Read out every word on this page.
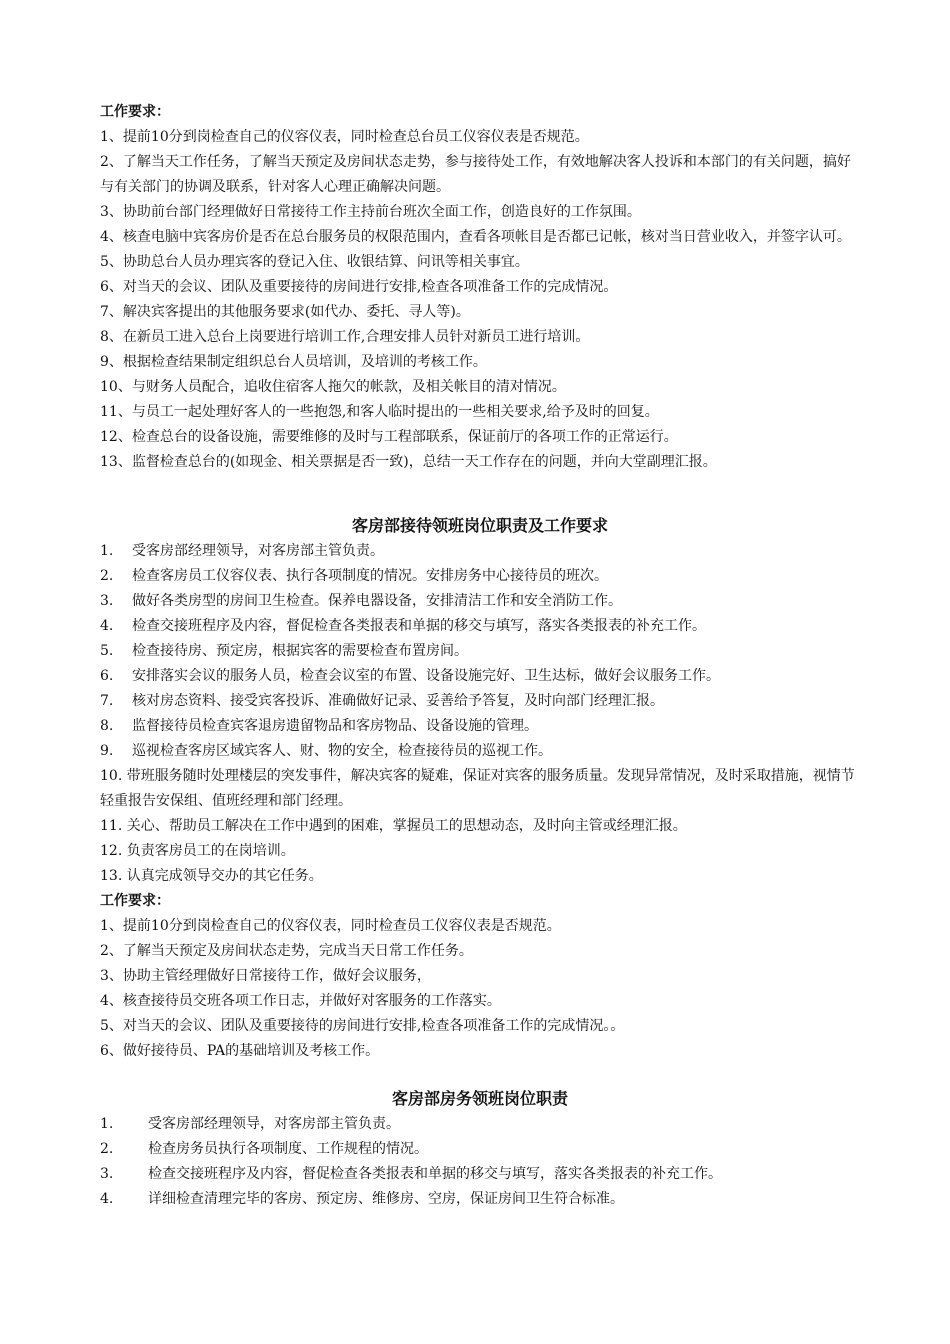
工作要求：
1、提前10分到岗检查自己的仪容仪表，同时检查总台员工仪容仪表是否规范。
2、了解当天工作任务，了解当天预定及房间状态走势，参与接待处工作，有效地解决客人投诉和本部门的有关问题，搞好与有关部门的协调及联系，针对客人心理正确解决问题。
3、协助前台部门经理做好日常接待工作主持前台班次全面工作，创造良好的工作氛围。
4、核查电脑中宾客房价是否在总台服务员的权限范围内，查看各项帐目是否都已记帐，核对当日营业收入，并签字认可。
5、协助总台人员办理宾客的登记入住、收银结算、问讯等相关事宜。
6、对当天的会议、团队及重要接待的房间进行安排,检查各项准备工作的完成情况。
7、解决宾客提出的其他服务要求(如代办、委托、寻人等)。
8、在新员工进入总台上岗要进行培训工作,合理安排人员针对新员工进行培训。
9、根据检查结果制定组织总台人员培训，及培训的考核工作。
10、与财务人员配合，追收住宿客人拖欠的帐款，及相关帐目的清对情况。
11、与员工一起处理好客人的一些抱怨,和客人临时提出的一些相关要求,给予及时的回复。
12、检查总台的设备设施，需要维修的及时与工程部联系，保证前厅的各项工作的正常运行。
13、监督检查总台的(如现金、相关票据是否一致)，总结一天工作存在的问题，并向大堂副理汇报。
客房部接待领班岗位职责及工作要求
1. 受客房部经理领导，对客房部主管负责。
2. 检查客房员工仪容仪表、执行各项制度的情况。安排房务中心接待员的班次。
3. 做好各类房型的房间卫生检查。保养电器设备，安排清洁工作和安全消防工作。
4. 检查交接班程序及内容，督促检查各类报表和单据的移交与填写，落实各类报表的补充工作。
5. 检查接待房、预定房，根据宾客的需要检查布置房间。
6. 安排落实会议的服务人员，检查会议室的布置、设备设施完好、卫生达标，做好会议服务工作。
7. 核对房态资料、接受宾客投诉、准确做好记录、妥善给予答复，及时向部门经理汇报。
8. 监督接待员检查宾客退房遗留物品和客房物品、设备设施的管理。
9. 巡视检查客房区域宾客人、财、物的安全，检查接待员的巡视工作。
10. 带班服务随时处理楼层的突发事件，解决宾客的疑难，保证对宾客的服务质量。发现异常情况，及时采取措施，视情节轻重报告安保组、值班经理和部门经理。
11. 关心、帮助员工解决在工作中遇到的困难，掌握员工的思想动态，及时向主管或经理汇报。
12. 负责客房员工的在岗培训。
13. 认真完成领导交办的其它任务。
工作要求：
1、提前10分到岗检查自己的仪容仪表，同时检查员工仪容仪表是否规范。
2、了解当天预定及房间状态走势，完成当天日常工作任务。
3、协助主管经理做好日常接待工作，做好会议服务，
4、核查接待员交班各项工作日志，并做好对客服务的工作落实。
5、对当天的会议、团队及重要接待的房间进行安排,检查各项准备工作的完成情况。。
6、做好接待员、PA的基础培训及考核工作。
客房部房务领班岗位职责
1. 受客房部经理领导，对客房部主管负责。
2. 检查房务员执行各项制度、工作规程的情况。
3. 检查交接班程序及内容，督促检查各类报表和单据的移交与填写，落实各类报表的补充工作。
4. 详细检查清理完毕的客房、预定房、维修房、空房，保证房间卫生符合标准。
